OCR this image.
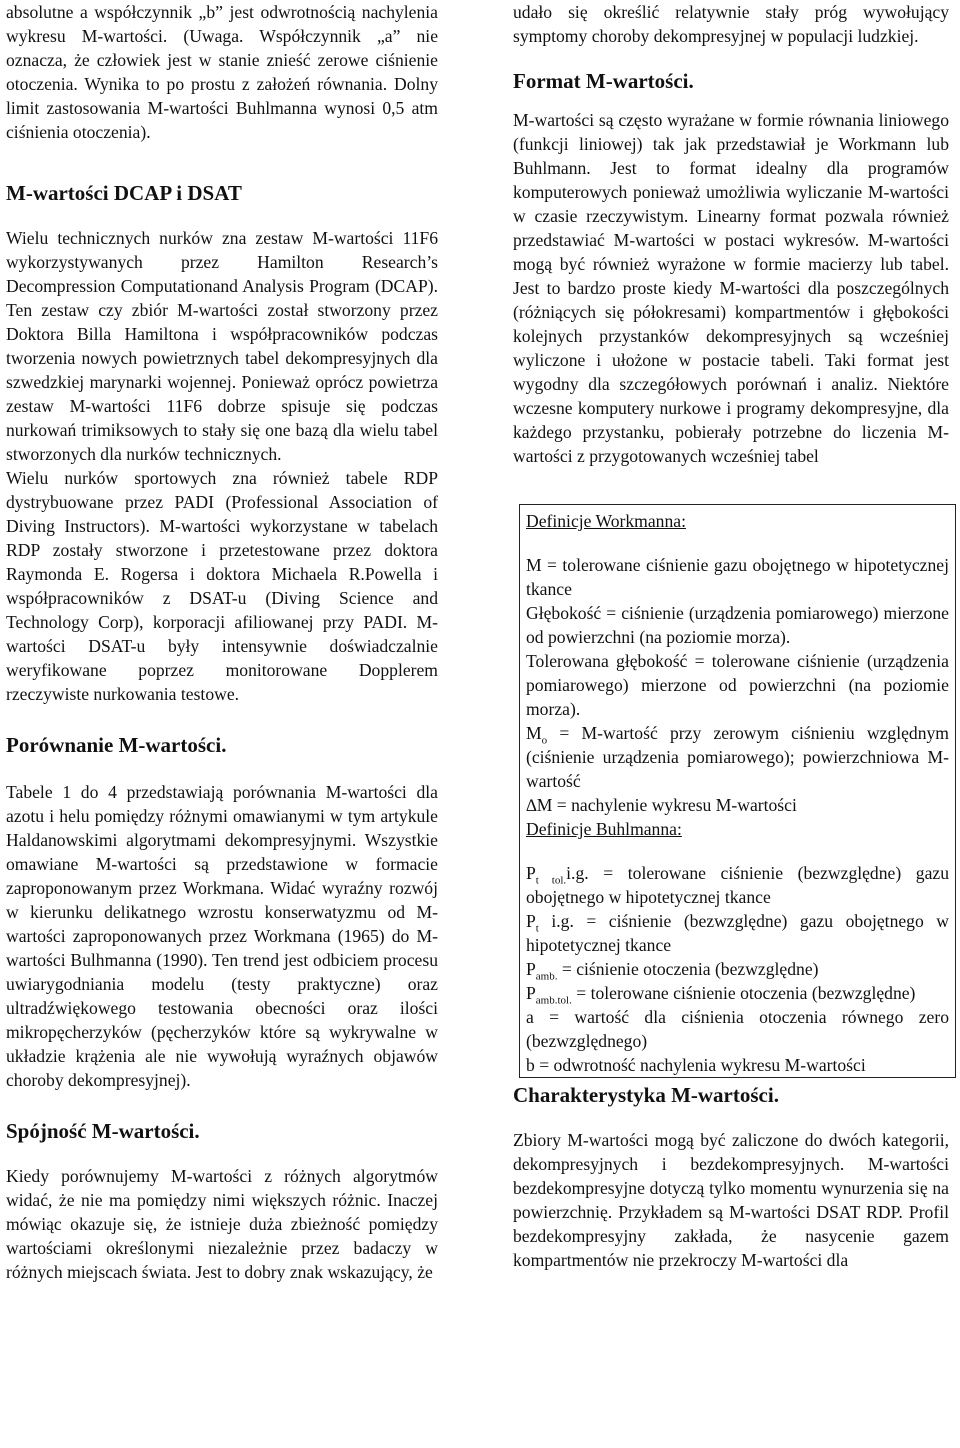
absolutne a współczynnik „b” jest odwrotnością nachylenia wykresu M-wartości. (Uwaga. Współczynnik „a” nie oznacza, że człowiek jest w stanie znieść zerowe ciśnienie otoczenia. Wynika to po prostu z założeń równania. Dolny limit zastosowania M-wartości Buhlmanna wynosi 0,5 atm ciśnienia otoczenia).

M-wartości DCAP i DSAT

Wielu technicznych nurków zna zestaw M-wartości 11F6 wykorzystywanych przez Hamilton Research’s Decompression Computationand Analysis Program (DCAP). Ten zestaw czy zbiór M-wartości został stworzony przez Doktora Billa Hamiltona i współpracowników podczas tworzenia nowych powietrznych tabel dekompresyjnych dla szwedzkiej marynarki wojennej. Ponieważ oprócz powietrza zestaw M-wartości 11F6 dobrze spisuje się podczas nurkowań trimiksowych to stały się one bazą dla wielu tabel stworzonych dla nurków technicznych.

Wielu nurków sportowych zna również tabele RDP dystrybuowane przez PADI (Professional Association of Diving Instructors). M-wartości wykorzystane w tabelach RDP zostały stworzone i przetestowane przez doktora Raymonda E. Rogersa i doktora Michaela R.Powella i współpracowników z DSAT-u (Diving Science and Technology Corp), korporacji afiliowanej przy PADI. M-wartości DSAT-u były intensywnie doświadczalnie weryfikowane poprzez monitorowane Dopplerem rzeczywiste nurkowania testowe.

Porównanie M-wartości.

Tabele 1 do 4 przedstawiają porównania M-wartości dla azotu i helu pomiędzy różnymi omawianymi w tym artykule Haldanowskimi algorytmami dekompresyjnymi. Wszystkie omawiane M-wartości są przedstawione w formacie zaproponowanym przez Workmana. Widać wyraźny rozwój w kierunku delikatnego wzrostu konserwatyzmu od M-wartości zaproponowanych przez Workmana (1965) do M-wartości Bulhmanna (1990). Ten trend jest odbiciem procesu uwiarygodniania modelu (testy praktyczne) oraz ultradźwiękowego testowania obecności oraz ilości mikropęcherzyków (pęcherzyków które są wykrywalne w układzie krążenia ale nie wywołują wyraźnych objawów choroby dekompresyjnej).

Spójność M-wartości.

Kiedy porównujemy M-wartości z różnych algorytmów widać, że nie ma pomiędzy nimi większych różnic. Inaczej mówiąc okazuje się, że istnieje duża zbieżność pomiędzy wartościami określonymi niezależnie przez badaczy w różnych miejscach świata. Jest to dobry znak wskazujący, że

udało się określić relatywnie stały próg wywołujący symptomy choroby dekompresyjnej w populacji ludzkiej.

Format M-wartości.

M-wartości są często wyrażane w formie równania liniowego (funkcji liniowej) tak jak przedstawiał je Workmann lub Buhlmann. Jest to format idealny dla programów komputerowych ponieważ umożliwia wyliczanie M-wartości w czasie rzeczywistym. Linearny format pozwala również przedstawiać M-wartości w postaci wykresów. M-wartości mogą być również wyrażone w formie macierzy lub tabel. Jest to bardzo proste kiedy M-wartości dla poszczególnych (różniących się półokresami) kompartmentów i głębokości kolejnych przystanków dekompresyjnych są wcześniej wyliczone i ułożone w postacie tabeli. Taki format jest wygodny dla szczegółowych porównań i analiz. Niektóre wczesne komputery nurkowe i programy dekompresyjne, dla każdego przystanku, pobierały potrzebne do liczenia M-wartości z przygotowanych wcześniej tabel

Definicje Workmanna:

M = tolerowane ciśnienie gazu obojętnego w hipotetycznej tkance

Głębokość = ciśnienie (urządzenia pomiarowego) mierzone od powierzchni (na poziomie morza).

Tolerowana głębokość = tolerowane ciśnienie (urządzenia pomiarowego) mierzone od powierzchni (na poziomie morza).

$M_o$ = M-wartość przy zerowym ciśnieniu względnym (ciśnienie urządzenia pomiarowego); powierzchniowa M-wartość

∆M = nachylenie wykresu M-wartości

Definicje Buhlmanna:

$P_{t tol.}i.g$. = tolerowane ciśnienie (bezwzględne) gazu obojętnego w hipotetycznej tkance

$P_t$ i.g. = ciśnienie (bezwzględne) gazu obojętnego w hipotetycznej tkance

$P_{amb.}$ = ciśnienie otoczenia (bezwzględne)

$P_{amb.tol.}$ = tolerowane ciśnienie otoczenia (bezwzględne)

a = wartość dla ciśnienia otoczenia równego zero (bezwzględnego)

b = odwrotność nachylenia wykresu M-wartości

Charakterystyka M-wartości.

Zbiory M-wartości mogą być zaliczone do dwóch kategorii, dekompresyjnych i bezdekompresyjnych. M-wartości bezdekompresyjne dotyczą tylko momentu wynurzenia się na powierzchnię. Przykładem są M-wartości DSAT RDP. Profil bezdekompresyjny zakłada, że nasycenie gazem kompartmentów nie przekroczy M-wartości dla
